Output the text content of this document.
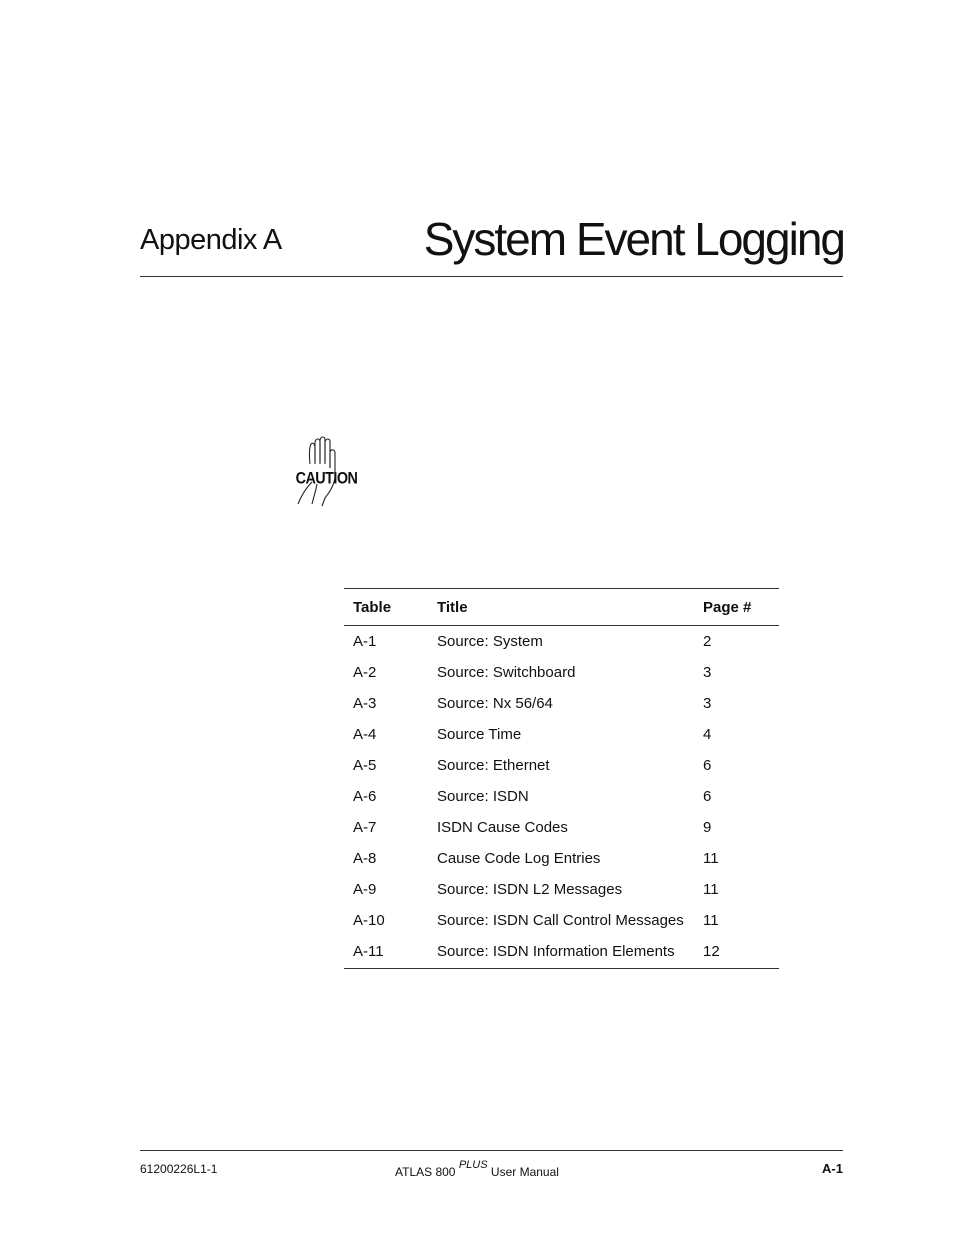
Appendix A	System Event Logging
CAUTION
Table	Title	Page #
A-1	Source: System	2
A-2	Source: Switchboard	3
A-3	Source: Nx 56/64	3
A-4	Source Time	4
A-5	Source: Ethernet	6
A-6	Source: ISDN	6
A-7	ISDN Cause Codes	9
A-8	Cause Code Log Entries	11
A-9	Source: ISDN L2 Messages	11
A-10	Source: ISDN Call Control Messages	11
A-11	Source: ISDN Information Elements	12
61200226L1-1	ATLAS 800 $^{PLUS}$ User Manual	A-1
